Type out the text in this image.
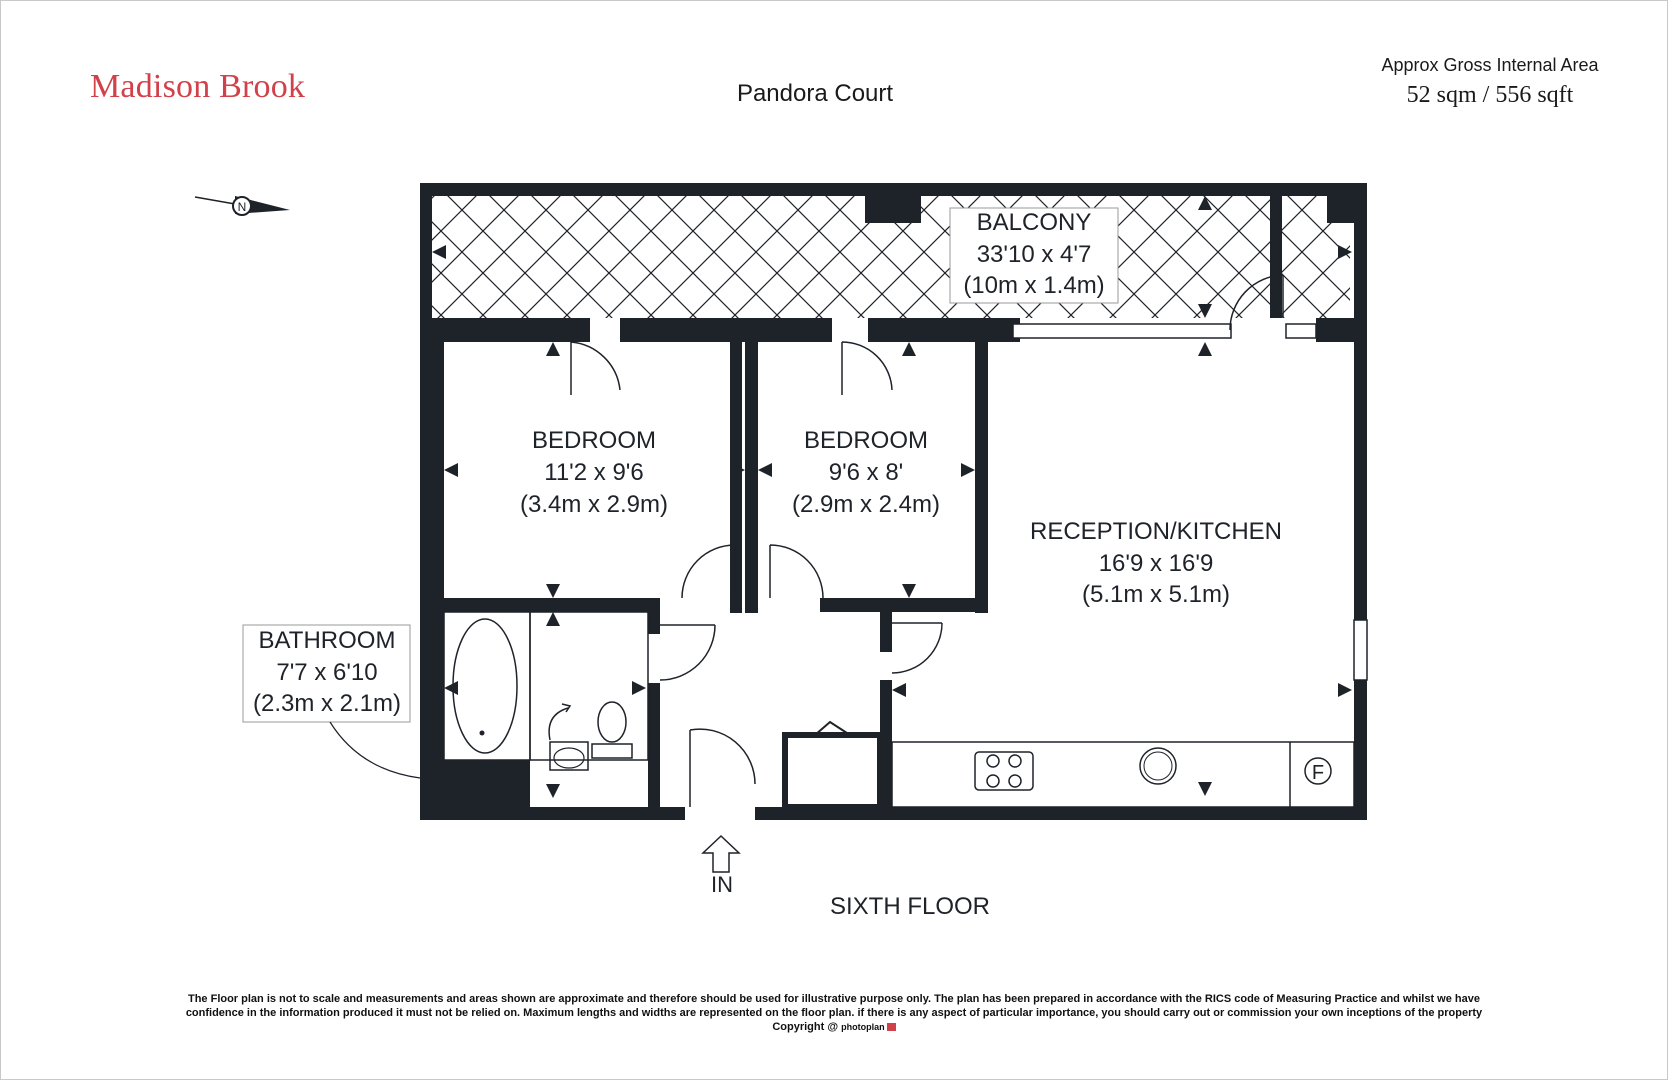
Madison Brook	Pandora Court
Approx Gross Internal Area
52 sqm / 556 sqft
N
F
BALCONY
33'10 x 4'7
(10m x 1.4m)
BEDROOM
11'2 x 9'6
(3.4m x 2.9m)
BEDROOM
9'6 x 8'
(2.9m x 2.4m)
RECEPTION/KITCHEN
16'9 x 16'9
(5.1m x 5.1m)
BATHROOM
7'7 x 6'10
(2.3m x 2.1m)
IN
SIXTH FLOOR
The Floor plan is not to scale and measurements and areas shown are approximate and therefore should be used for illustrative purpose only. The plan has been prepared in accordance with the RICS code of Measuring Practice and whilst we have
confidence in the information produced it must not be relied on. Maximum lengths and widths are represented on the floor plan. if there is any aspect of particular importance, you should carry out or commission your own inceptions of the property
Copyright @ photoplan
